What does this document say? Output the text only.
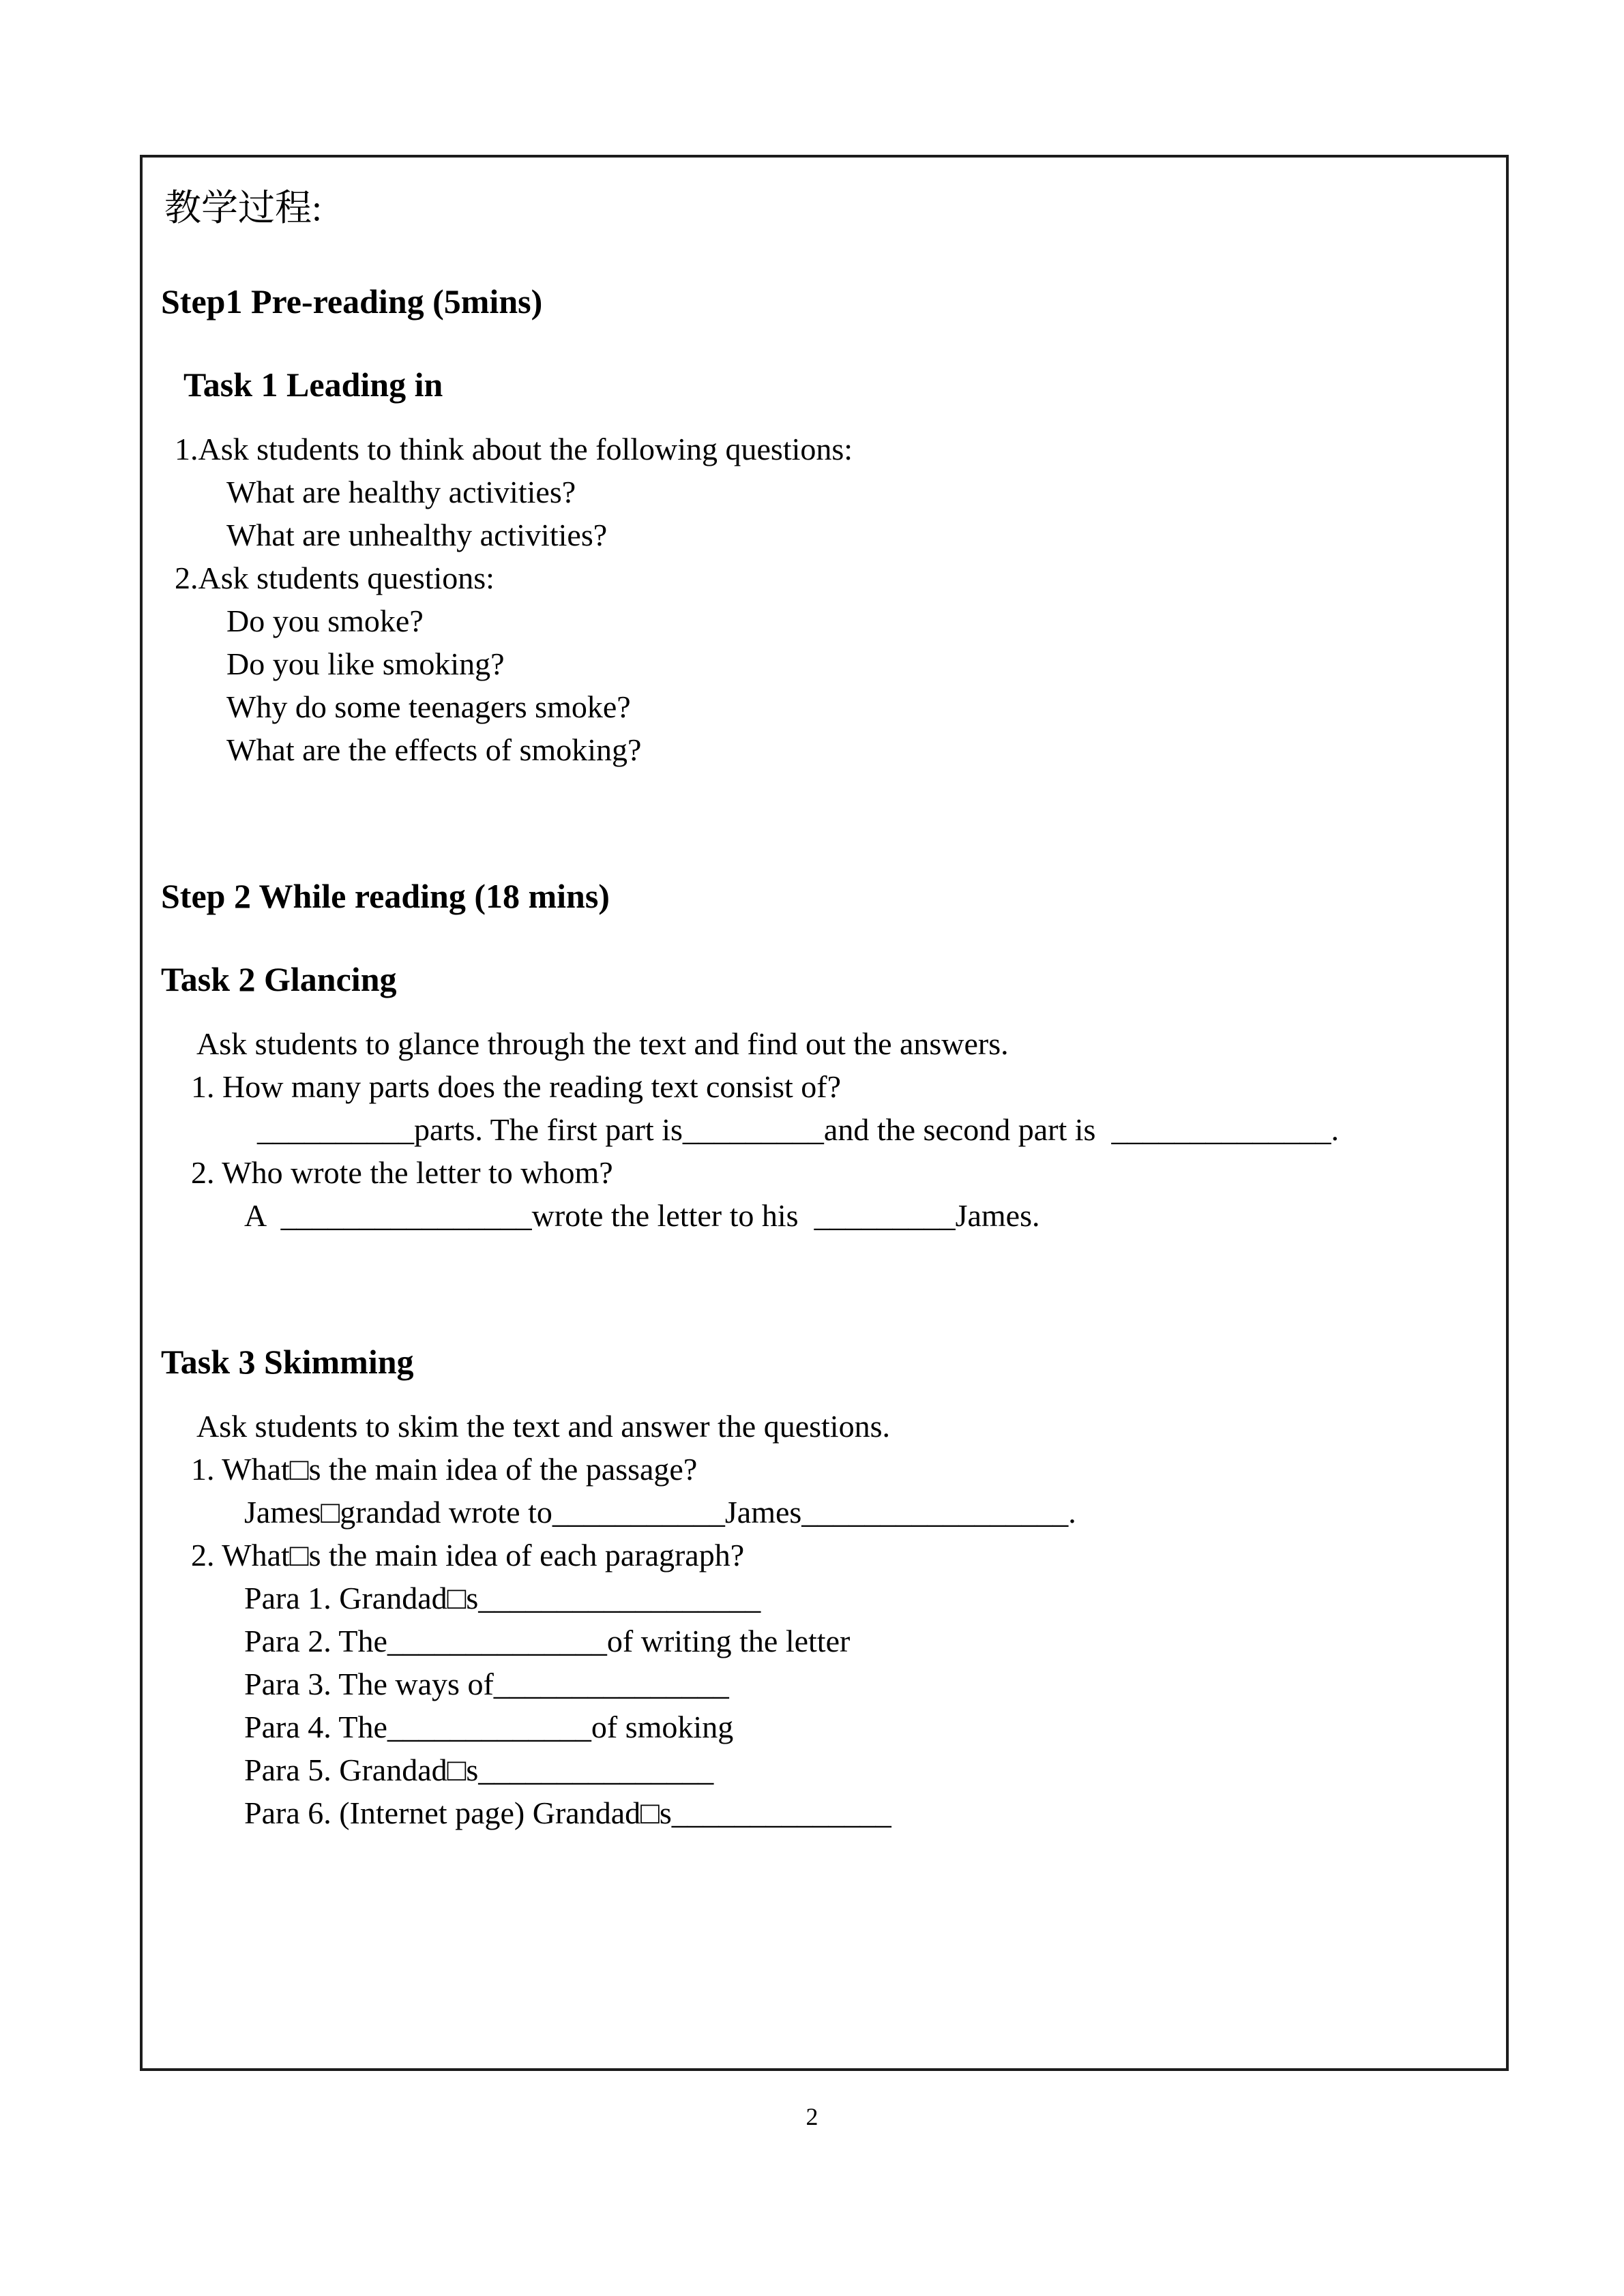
教学过程:
Step1 Pre-reading (5mins)
Task 1 Leading in
1.Ask students to think about the following questions:
What are healthy activities?
What are unhealthy activities?
2.Ask students questions:
Do you smoke?
Do you like smoking?
Why do some teenagers smoke?
What are the effects of smoking?
Step 2 While reading (18 mins)
Task 2 Glancing
Ask students to glance through the text and find out the answers.
1. How many parts does the reading text consist of?
__________parts. The first part is_________and the second part is  ______________.
2. Who wrote the letter to whom?
A  ________________wrote the letter to his  _________James.
Task 3 Skimming
Ask students to skim the text and answer the questions.
1. What□s the main idea of the passage?
James□grandad wrote to___________James_________________.
2. What□s the main idea of each paragraph?
Para 1. Grandad□s__________________
Para 2. The______________of writing the letter
Para 3. The ways of_______________
Para 4. The_____________of smoking
Para 5. Grandad□s_______________
Para 6. (Internet page) Grandad□s______________
2
